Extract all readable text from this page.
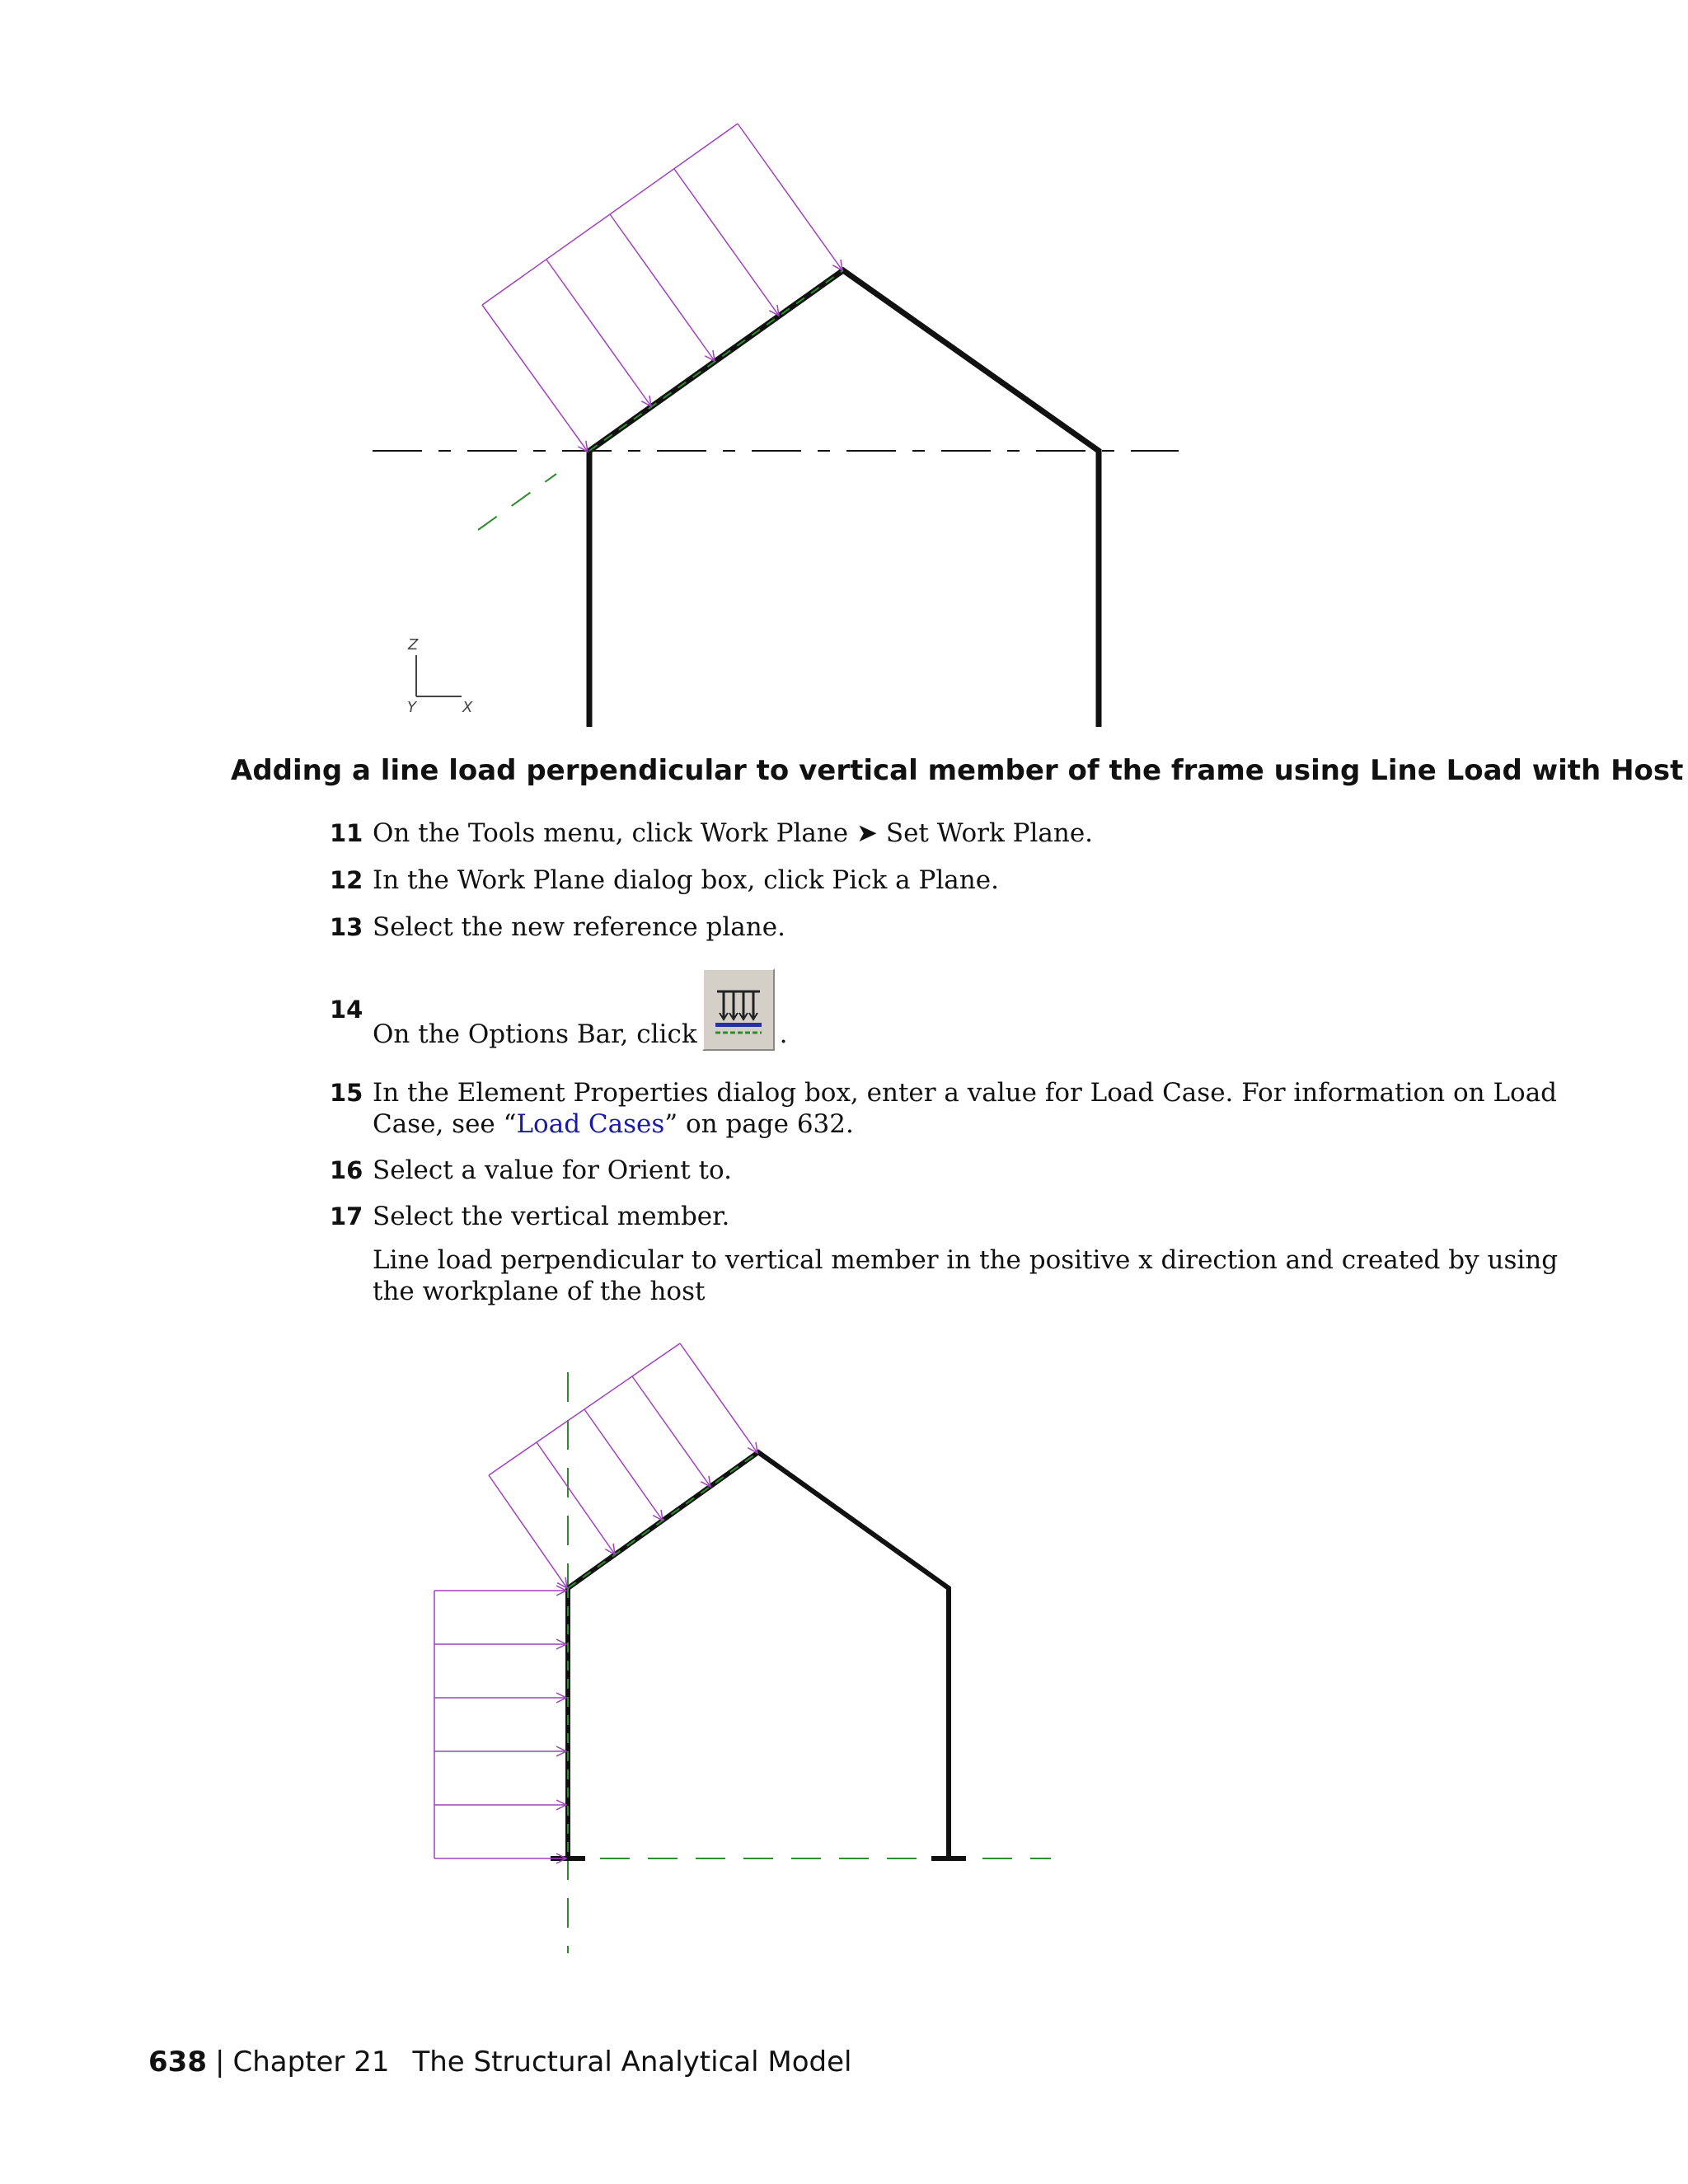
Z
Y	X
Adding a line load perpendicular to vertical member of the frame using Line Load with Host
11 On the Tools menu, click Work Plane ➤ Set Work Plane.
12 In the Work Plane dialog box, click Pick a Plane.
13 Select the new reference plane.
14
On the Options Bar, click	.
15 In the Element Properties dialog box, enter a value for Load Case. For information on Load Case, see “Load Cases” on page 632.
16 Select a value for Orient to.
17 Select the vertical member.
Line load perpendicular to vertical member in the positive x direction and created by using the workplane of the host
638 | Chapter 21 The Structural Analytical Model
